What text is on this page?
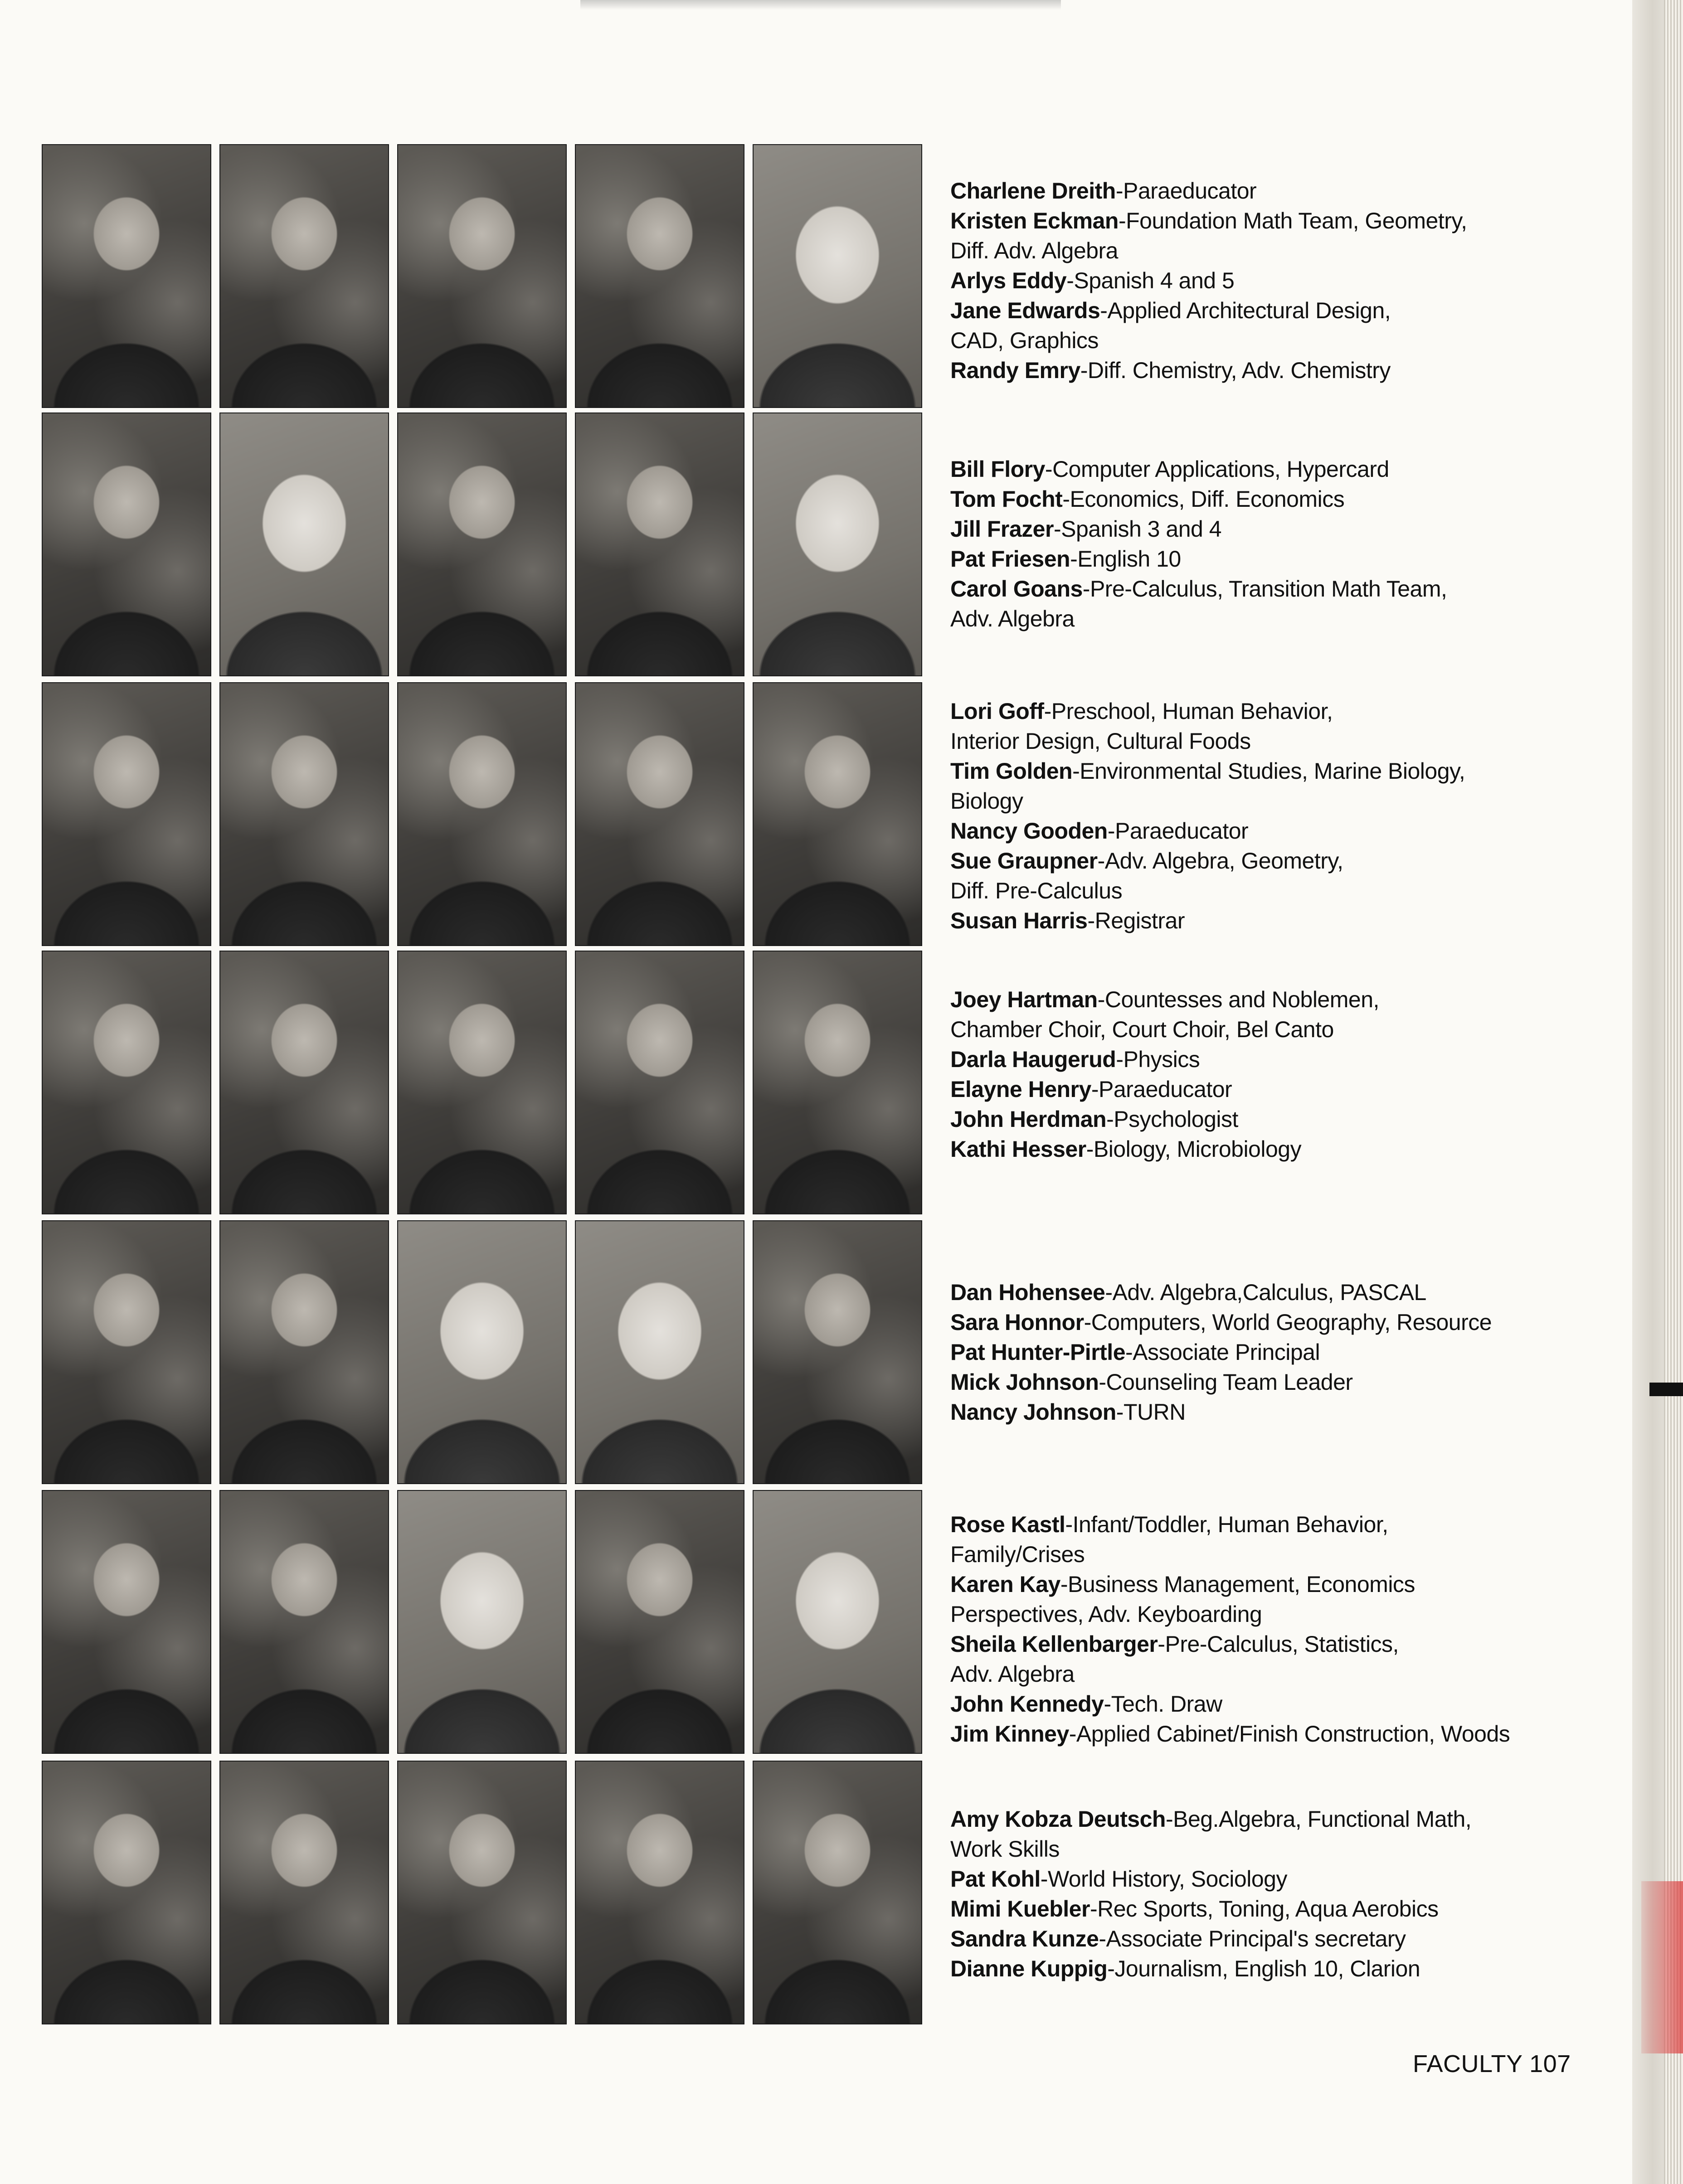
Charlene Dreith-Paraeducator
Kristen Eckman-Foundation Math Team, Geometry,
Diff. Adv. Algebra
Arlys Eddy-Spanish 4 and 5
Jane Edwards-Applied Architectural Design,
CAD, Graphics
Randy Emry-Diff. Chemistry, Adv. Chemistry
Bill Flory-Computer Applications, Hypercard
Tom Focht-Economics, Diff. Economics
Jill Frazer-Spanish 3 and 4
Pat Friesen-English 10
Carol Goans-Pre-Calculus, Transition Math Team,
Adv. Algebra
Lori Goff-Preschool, Human Behavior,
Interior Design, Cultural Foods
Tim Golden-Environmental Studies, Marine Biology,
Biology
Nancy Gooden-Paraeducator
Sue Graupner-Adv. Algebra, Geometry,
Diff. Pre-Calculus
Susan Harris-Registrar
Joey Hartman-Countesses and Noblemen,
Chamber Choir, Court Choir, Bel Canto
Darla Haugerud-Physics
Elayne Henry-Paraeducator
John Herdman-Psychologist
Kathi Hesser-Biology, Microbiology
Dan Hohensee-Adv. Algebra,Calculus, PASCAL
Sara Honnor-Computers, World Geography, Resource
Pat Hunter-Pirtle-Associate Principal
Mick Johnson-Counseling Team Leader
Nancy Johnson-TURN
Rose Kastl-Infant/Toddler, Human Behavior,
Family/Crises
Karen Kay-Business Management, Economics
Perspectives, Adv. Keyboarding
Sheila Kellenbarger-Pre-Calculus, Statistics,
Adv. Algebra
John Kennedy-Tech. Draw
Jim Kinney-Applied Cabinet/Finish Construction, Woods
Amy Kobza Deutsch-Beg.Algebra, Functional Math,
Work Skills
Pat Kohl-World History, Sociology
Mimi Kuebler-Rec Sports, Toning, Aqua Aerobics
Sandra Kunze-Associate Principal's secretary
Dianne Kuppig-Journalism, English 10, Clarion
FACULTY 107
